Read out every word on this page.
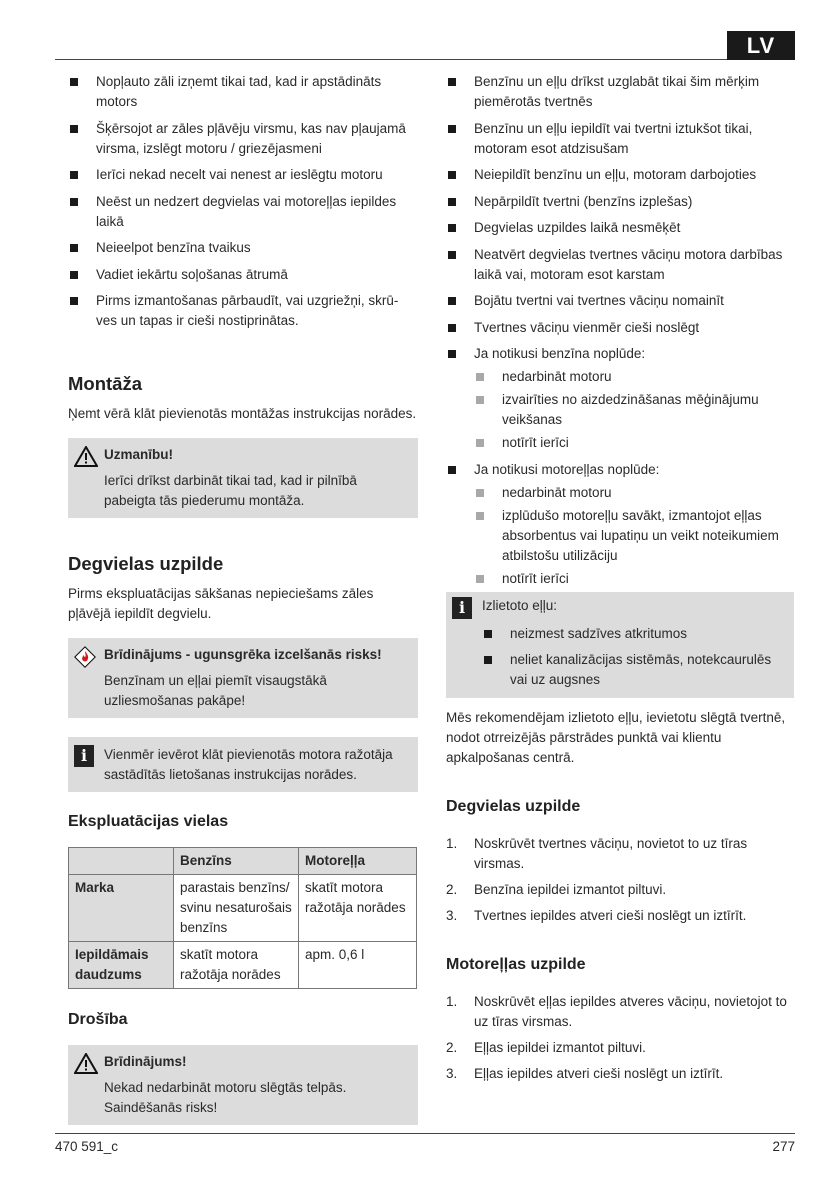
LV
Nopļauto zāli izņemt tikai tad, kad ir apstādināts motors
Šķērsojot ar zāles pļāvēju virsmu, kas nav pļaujamā virsma, izslēgt motoru / griezējasmeni
Ierīci nekad necelt vai nenest ar ieslēgtu motoru
Neēst un nedzert degvielas vai motoreļļas iepildes laikā
Neieelpot benzīna tvaikus
Vadiet iekārtu soļošanas ātrumā
Pirms izmantošanas pārbaudīt, vai uzgriežņi, skrū-ves un tapas ir cieši nostiprinātas.
Montāža

Ņemt vērā klāt pievienotās montāžas instrukcijas norādes.

Uzmanību!
Ierīci drīkst darbināt tikai tad, kad ir pilnībā pabeigta tās piederumu montāža.
Degvielas uzpilde

Pirms ekspluatācijas sākšanas nepieciešams zāles pļāvējā iepildīt degvielu.

Brīdinājums - ugunsgrēka izcelšanās risks!
Benzīnam un eļļai piemīt visaugstākā uzliesmošanas pakāpe!
i	Vienmēr ievērot klāt pievienotās motora ražotāja sastādītās lietošanas instrukcijas norādes.
Ekspluatācijas vielas
	Benzīns	Motoreļļa
Marka	parastais benzīns/ svinu nesaturošais benzīns	skatīt motora ražotāja norādes
Iepildāmais daudzums	skatīt motora ražotāja norādes	apm. 0,6 l
Drošība
Brīdinājums!
Nekad nedarbināt motoru slēgtās telpās. Saindēšanās risks!
Benzīnu un eļļu drīkst uzglabāt tikai šim mērķim piemērotās tvertnēs
Benzīnu un eļļu iepildīt vai tvertni iztukšot tikai, motoram esot atdzisušam
Neiepildīt benzīnu un eļļu, motoram darbojoties
Nepārpildīt tvertni (benzīns izplešas)
Degvielas uzpildes laikā nesmēķēt
Neatvērt degvielas tvertnes vāciņu motora darbības laikā vai, motoram esot karstam
Bojātu tvertni vai tvertnes vāciņu nomainīt
Tvertnes vāciņu vienmēr cieši noslēgt
Ja notikusi benzīna noplūde:
nedarbināt motoru
izvairīties no aizdedzināšanas mēģinājumu veikšanas
notīrīt ierīci
Ja notikusi motoreļļas noplūde:
nedarbināt motoru
izplūdušo motoreļļu savākt, izmantojot eļļas absorbentus vai lupatiņu un veikt noteikumiem atbilstošu utilizāciju
notīrīt ierīci
i	Izlietoto eļļu:
neizmest sadzīves atkritumos
neliet kanalizācijas sistēmās, notekcaurulēs vai uz augsnes

Mēs rekomendējam izlietoto eļļu, ievietotu slēgtā tvertnē, nodot otrreizējās pārstrādes punktā vai klientu apkalpošanas centrā.

Degvielas uzpilde
1. Noskrūvēt tvertnes vāciņu, novietot to uz tīras virsmas.
2. Benzīna iepildei izmantot piltuvi.
3. Tvertnes iepildes atveri cieši noslēgt un iztīrīt.
Motoreļļas uzpilde
1. Noskrūvēt eļļas iepildes atveres vāciņu, novietojot to uz tīras virsmas.
2. Eļļas iepildei izmantot piltuvi.
3. Eļļas iepildes atveri cieši noslēgt un iztīrīt.
470 591_c	277
